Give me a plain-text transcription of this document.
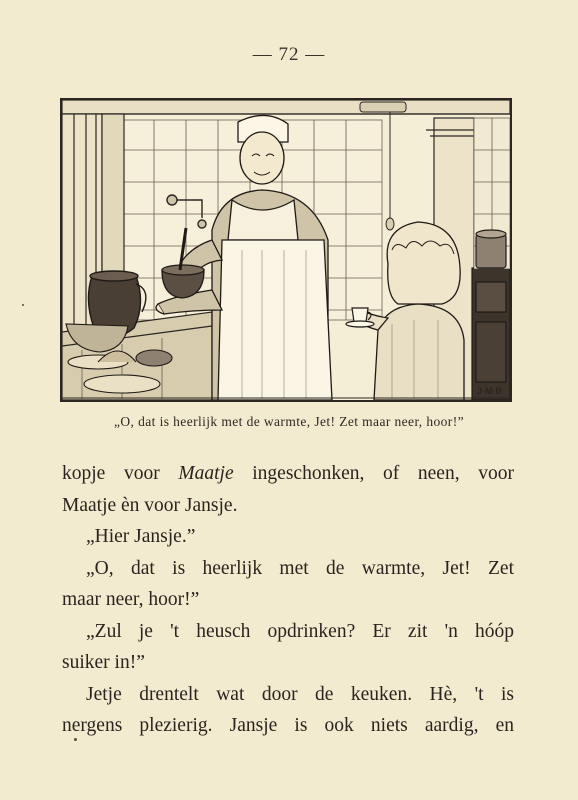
— 72 —
J·M·B
„O, dat is heerlijk met de warmte, Jet! Zet maar neer, hoor!”
kopje voor Maatje ingeschonken, of neen, voor
Maatje èn voor Jansje.
„Hier Jansje.”
„O, dat is heerlijk met de warmte, Jet! Zet
maar neer, hoor!”
„Zul je 't heusch opdrinken? Er zit 'n hóóp
suiker in!”
Jetje drentelt wat door de keuken. Hè, 't is
nergens plezierig. Jansje is ook niets aardig, en
